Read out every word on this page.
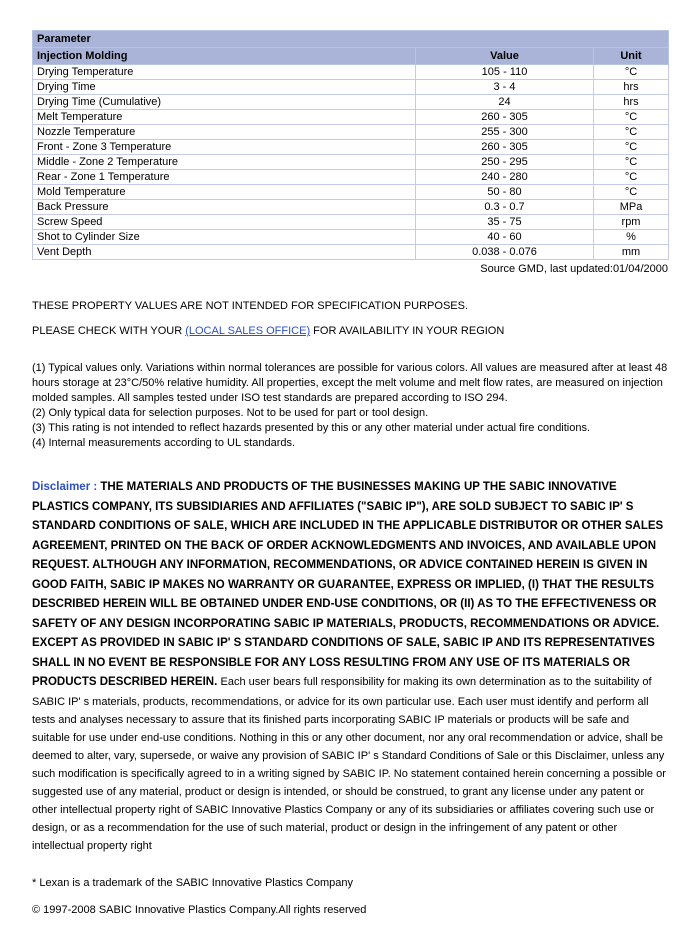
Parameter		
Injection Molding	Value	Unit
Drying Temperature	105 - 110	°C
Drying Time	3 - 4	hrs
Drying Time (Cumulative)	24	hrs
Melt Temperature	260 - 305	°C
Nozzle Temperature	255 - 300	°C
Front - Zone 3 Temperature	260 - 305	°C
Middle - Zone 2 Temperature	250 - 295	°C
Rear - Zone 1 Temperature	240 - 280	°C
Mold Temperature	50 - 80	°C
Back Pressure	0.3 - 0.7	MPa
Screw Speed	35 - 75	rpm
Shot to Cylinder Size	40 - 60	%
Vent Depth	0.038 - 0.076	mm
Source GMD, last updated:01/04/2000
THESE PROPERTY VALUES ARE NOT INTENDED FOR SPECIFICATION PURPOSES.
PLEASE CHECK WITH YOUR (LOCAL SALES OFFICE) FOR AVAILABILITY IN YOUR REGION
(1) Typical values only. Variations within normal tolerances are possible for various colors. All values are measured after at least 48 hours storage at 23°C/50% relative humidity. All properties, except the melt volume and melt flow rates, are measured on injection molded samples. All samples tested under ISO test standards are prepared according to ISO 294.
(2) Only typical data for selection purposes. Not to be used for part or tool design.
(3) This rating is not intended to reflect hazards presented by this or any other material under actual fire conditions.
(4) Internal measurements according to UL standards.

Disclaimer : THE MATERIALS AND PRODUCTS OF THE BUSINESSES MAKING UP THE SABIC INNOVATIVE PLASTICS COMPANY, ITS SUBSIDIARIES AND AFFILIATES ("SABIC IP"), ARE SOLD SUBJECT TO SABIC IP' S STANDARD CONDITIONS OF SALE, WHICH ARE INCLUDED IN THE APPLICABLE DISTRIBUTOR OR OTHER SALES AGREEMENT, PRINTED ON THE BACK OF ORDER ACKNOWLEDGMENTS AND INVOICES, AND AVAILABLE UPON REQUEST. ALTHOUGH ANY INFORMATION, RECOMMENDATIONS, OR ADVICE CONTAINED HEREIN IS GIVEN IN GOOD FAITH, SABIC IP MAKES NO WARRANTY OR GUARANTEE, EXPRESS OR IMPLIED, (I) THAT THE RESULTS DESCRIBED HEREIN WILL BE OBTAINED UNDER END-USE CONDITIONS, OR (II) AS TO THE EFFECTIVENESS OR SAFETY OF ANY DESIGN INCORPORATING SABIC IP MATERIALS, PRODUCTS, RECOMMENDATIONS OR ADVICE. EXCEPT AS PROVIDED IN SABIC IP' S STANDARD CONDITIONS OF SALE, SABIC IP AND ITS REPRESENTATIVES SHALL IN NO EVENT BE RESPONSIBLE FOR ANY LOSS RESULTING FROM ANY USE OF ITS MATERIALS OR PRODUCTS DESCRIBED HEREIN. Each user bears full responsibility for making its own determination as to the suitability of SABIC IP' s materials, products, recommendations, or advice for its own particular use. Each user must identify and perform all tests and analyses necessary to assure that its finished parts incorporating SABIC IP materials or products will be safe and suitable for use under end-use conditions. Nothing in this or any other document, nor any oral recommendation or advice, shall be deemed to alter, vary, supersede, or waive any provision of SABIC IP' s Standard Conditions of Sale or this Disclaimer, unless any such modification is specifically agreed to in a writing signed by SABIC IP. No statement contained herein concerning a possible or suggested use of any material, product or design is intended, or should be construed, to grant any license under any patent or other intellectual property right of SABIC Innovative Plastics Company or any of its subsidiaries or affiliates covering such use or design, or as a recommendation for the use of such material, product or design in the infringement of any patent or other intellectual property right

* Lexan is a trademark of the SABIC Innovative Plastics Company
© 1997-2008 SABIC Innovative Plastics Company.All rights reserved
